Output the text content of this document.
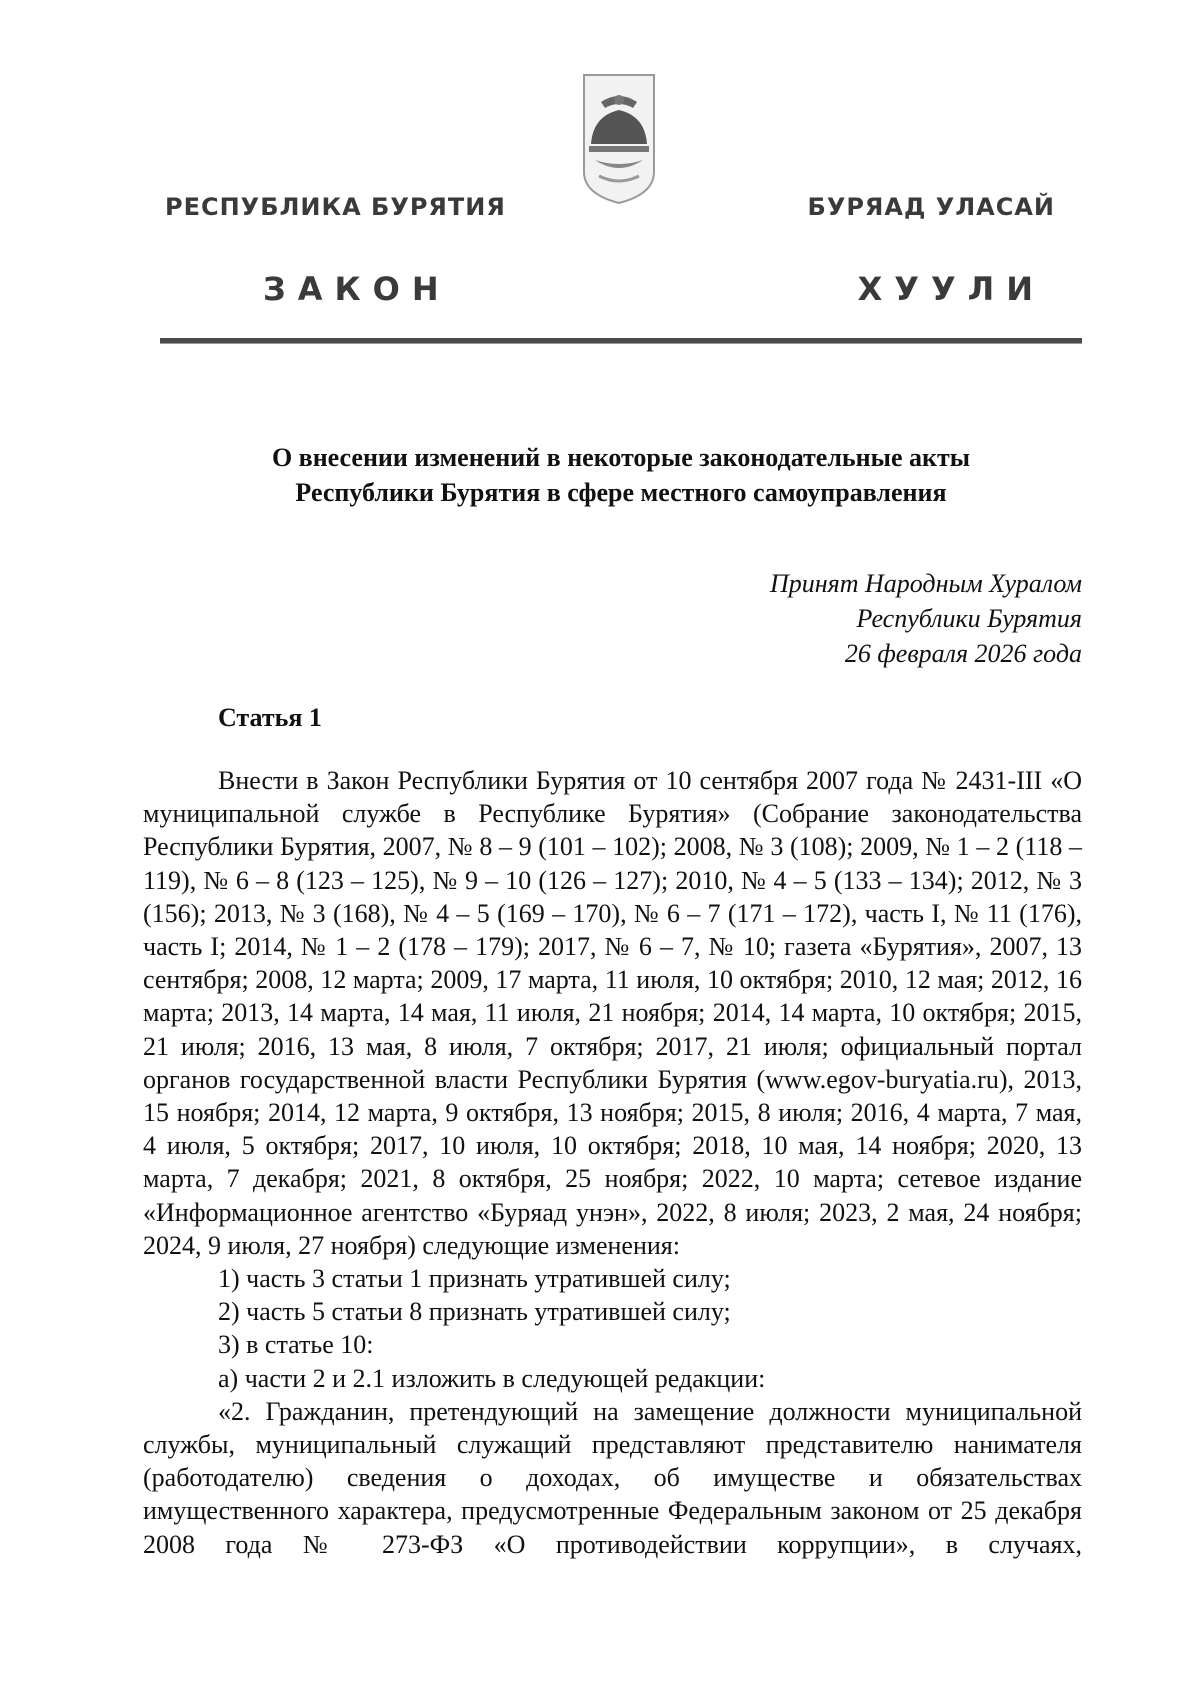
РЕСПУБЛИКА БУРЯТИЯ	БУРЯАД УЛАСАЙ
ЗАКОН	ХУУЛИ
О внесении изменений в некоторые законодательные акты
Республики Бурятия в сфере местного самоуправления
Принят Народным Хуралом
Республики Бурятия
26 февраля 2026 года
Статья 1

Внести в Закон Республики Бурятия от 10 сентября 2007 года № 2431-III «О муниципальной службе в Республике Бурятия» (Собрание законодательства Республики Бурятия, 2007, № 8 – 9 (101 – 102); 2008, № 3 (108); 2009, № 1 – 2 (118 – 119), № 6 – 8 (123 – 125), № 9 – 10 (126 – 127); 2010, № 4 – 5 (133 – 134); 2012, № 3 (156); 2013, № 3 (168), № 4 – 5 (169 – 170), № 6 – 7 (171 – 172), часть I, № 11 (176), часть I; 2014, № 1 – 2 (178 – 179); 2017, № 6 – 7, № 10; газета «Бурятия», 2007, 13 сентября; 2008, 12 марта; 2009, 17 марта, 11 июля, 10 октября; 2010, 12 мая; 2012, 16 марта; 2013, 14 марта, 14 мая, 11 июля, 21 ноября; 2014, 14 марта, 10 октября; 2015, 21 июля; 2016, 13 мая, 8 июля, 7 октября; 2017, 21 июля; официальный портал органов государственной власти Республики Бурятия (www.egov-buryatia.ru), 2013, 15 ноября; 2014, 12 марта, 9 октября, 13 ноября; 2015, 8 июля; 2016, 4 марта, 7 мая, 4 июля, 5 октября; 2017, 10 июля, 10 октября; 2018, 10 мая, 14 ноября; 2020, 13 марта, 7 декабря; 2021, 8 октября, 25 ноября; 2022, 10 марта; сетевое издание «Информационное агентство «Буряад унэн», 2022, 8 июля; 2023, 2 мая, 24 ноября; 2024, 9 июля, 27 ноября) следующие изменения:

1) часть 3 статьи 1 признать утратившей силу;

2) часть 5 статьи 8 признать утратившей силу;

3) в статье 10:

а) части 2 и 2.1 изложить в следующей редакции:

«2. Гражданин, претендующий на замещение должности муниципальной службы, муниципальный служащий представляют представителю нанимателя (работодателю) сведения о доходах, об имуществе и обязательствах имущественного характера, предусмотренные Федеральным законом от 25 декабря 2008 года № 273-ФЗ «О противодействии коррупции», в случаях,
